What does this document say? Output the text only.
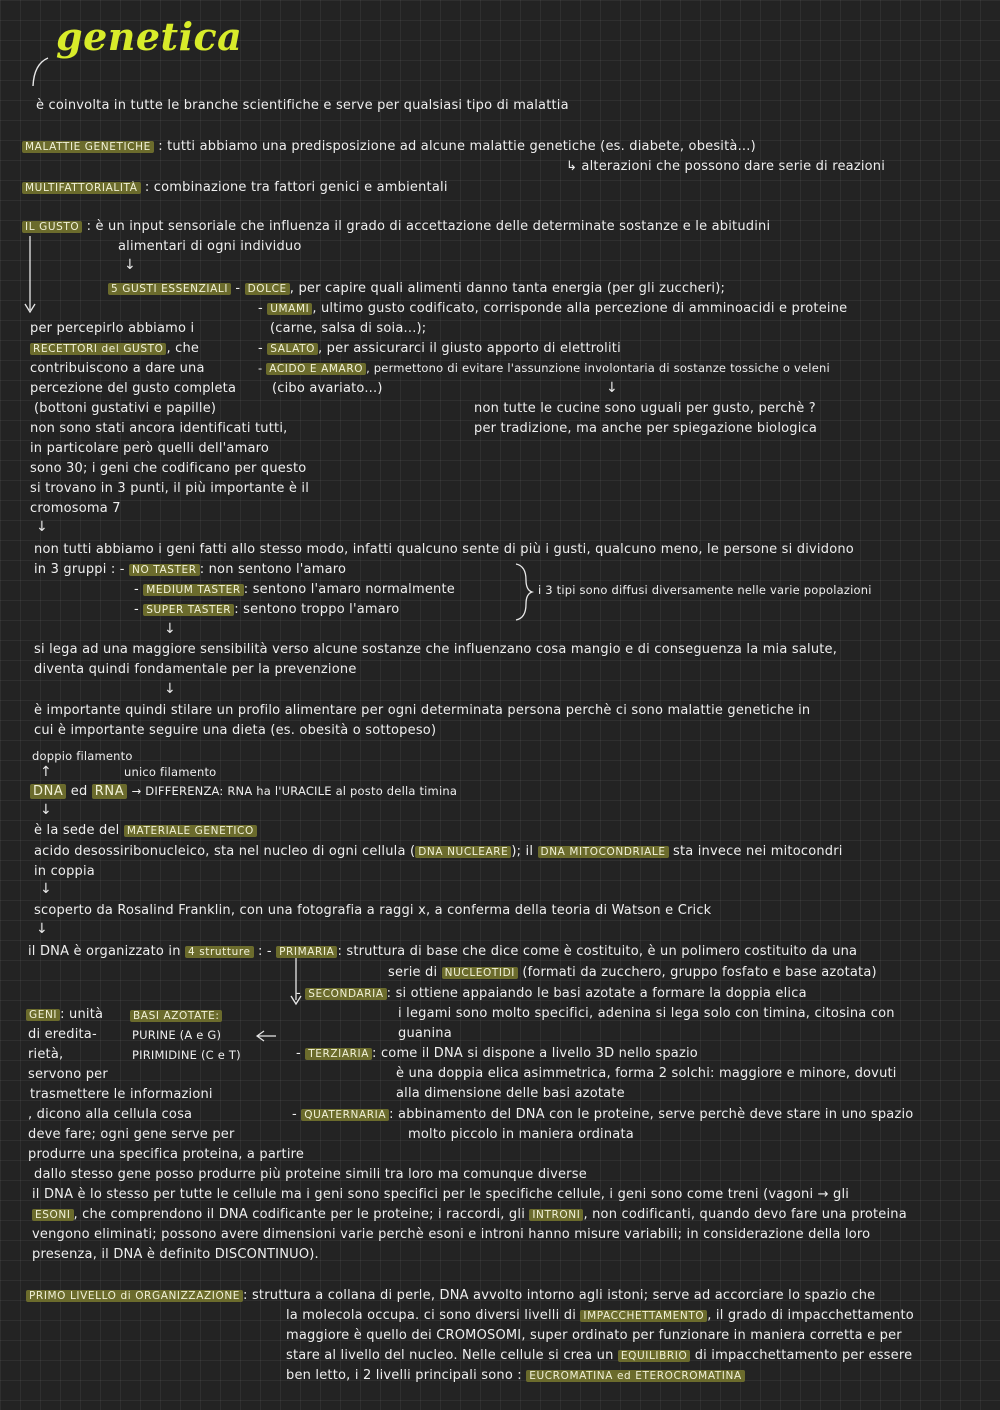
genetica
è coinvolta in tutte le branche scientifiche e serve per qualsiasi tipo di malattia
MALATTIE GENETICHE : tutti abbiamo una predisposizione ad alcune malattie genetiche (es. diabete, obesità...)
↳ alterazioni che possono dare serie di reazioni
MULTIFATTORIALITÀ : combinazione tra fattori genici e ambientali
IL GUSTO : è un input sensoriale che influenza il grado di accettazione delle determinate sostanze e le abitudini
alimentari di ogni individuo
↓
5 GUSTI ESSENZIALI - DOLCE , per capire quali alimenti danno tanta energia (per gli zuccheri);
- UMAMI , ultimo gusto codificato, corrisponde alla percezione di amminoacidi e proteine
(carne, salsa di soia...);
- SALATO , per assicurarci il giusto apporto di elettroliti
- ACIDO E AMARO , permettono di evitare l'assunzione involontaria di sostanze tossiche o veleni
(cibo avariato...)	↓
non tutte le cucine sono uguali per gusto, perchè ?
per tradizione, ma anche per spiegazione biologica
per percepirlo abbiamo i
RECETTORI del GUSTO , che
contribuiscono a dare una
percezione del gusto completa
(bottoni gustativi e papille)
non sono stati ancora identificati tutti,
in particolare però quelli dell'amaro
sono 30; i geni che codificano per questo
si trovano in 3 punti, il più importante è il
cromosoma 7
↓
non tutti abbiamo i geni fatti allo stesso modo, infatti qualcuno sente di più i gusti, qualcuno meno, le persone si dividono
in 3 gruppi : - NO TASTER : non sentono l'amaro
- MEDIUM TASTER : sentono l'amaro normalmente
- SUPER TASTER : sentono troppo l'amaro
i 3 tipi sono diffusi diversamente nelle varie popolazioni
↓
si lega ad una maggiore sensibilità verso alcune sostanze che influenzano cosa mangio e di conseguenza la mia salute,
diventa quindi fondamentale per la prevenzione
↓
è importante quindi stilare un profilo alimentare per ogni determinata persona perchè ci sono malattie genetiche in
cui è importante seguire una dieta (es. obesità o sottopeso)
doppio filamento
↑	unico filamento
DNA ed RNA → DIFFERENZA: RNA ha l'URACILE al posto della timina
↓
è la sede del MATERIALE GENETICO
acido desossiribonucleico, sta nel nucleo di ogni cellula ( DNA NUCLEARE ); il DNA MITOCONDRIALE sta invece nei mitocondri
in coppia
↓
scoperto da Rosalind Franklin, con una fotografia a raggi x, a conferma della teoria di Watson e Crick
↓
il DNA è organizzato in 4 strutture : - PRIMARIA : struttura di base che dice come è costituito, è un polimero costituito da una
serie di NUCLEOTIDI (formati da zucchero, gruppo fosfato e base azotata)
- SECONDARIA : si ottiene appaiando le basi azotate a formare la doppia elica
i legami sono molto specifici, adenina si lega solo con timina, citosina con
guanina
- TERZIARIA : come il DNA si dispone a livello 3D nello spazio
è una doppia elica asimmetrica, forma 2 solchi: maggiore e minore, dovuti
alla dimensione delle basi azotate
- QUATERNARIA : abbinamento del DNA con le proteine, serve perchè deve stare in uno spazio
molto piccolo in maniera ordinata
GENI : unità
di eredita-
rietà,
servono per
trasmettere le informazioni
, dicono alla cellula cosa
deve fare; ogni gene serve per
produrre una specifica proteina, a partire
BASI AZOTATE:
PURINE (A e G)
PIRIMIDINE (C e T)
dallo stesso gene posso produrre più proteine simili tra loro ma comunque diverse
il DNA è lo stesso per tutte le cellule ma i geni sono specifici per le specifiche cellule, i geni sono come treni (vagoni → gli
ESONI , che comprendono il DNA codificante per le proteine; i raccordi, gli INTRONI , non codificanti, quando devo fare una proteina
vengono eliminati; possono avere dimensioni varie perchè esoni e introni hanno misure variabili; in considerazione della loro
presenza, il DNA è definito DISCONTINUO).
PRIMO LIVELLO di ORGANIZZAZIONE : struttura a collana di perle, DNA avvolto intorno agli istoni; serve ad accorciare lo spazio che
la molecola occupa. ci sono diversi livelli di IMPACCHETTAMENTO , il grado di impacchettamento
maggiore è quello dei CROMOSOMI, super ordinato per funzionare in maniera corretta e per
stare al livello del nucleo. Nelle cellule si crea un EQUILIBRIO di impacchettamento per essere
ben letto, i 2 livelli principali sono : EUCROMATINA ed ETEROCROMATINA
